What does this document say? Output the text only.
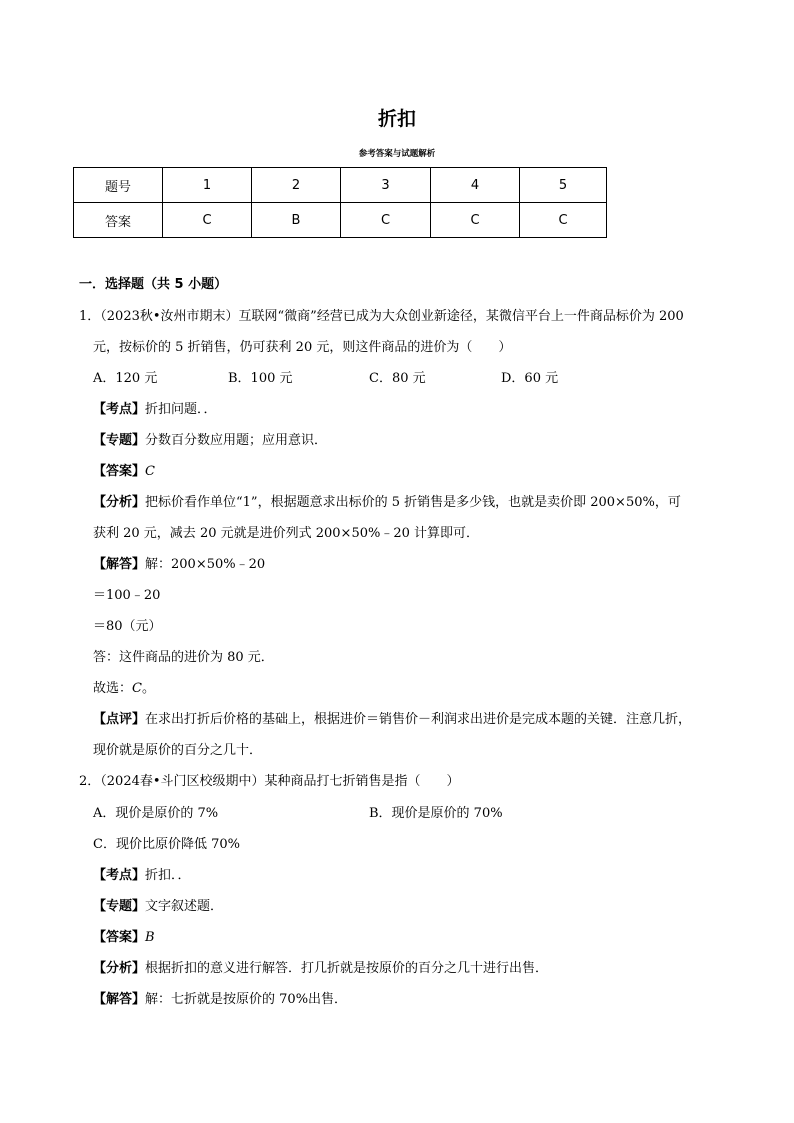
折扣
参考答案与试题解析
题号	1	2	3	4	5
答案	C	B	C	C	C
一．选择题（共 5 小题）
1．（2023秋•汝州市期末）互联网“微商”经营已成为大众创业新途径，某微信平台上一件商品标价为 200
元，按标价的 5 折销售，仍可获利 20 元，则这件商品的进价为（　　）
A．120 元	B．100 元	C．80 元	D．60 元
【考点】折扣问题．．
【专题】分数百分数应用题；应用意识．
【答案】C
【分析】把标价看作单位“1”，根据题意求出标价的 5 折销售是多少钱，也就是卖价即 200×50%，可
获利 20 元，减去 20 元就是进价列式 200×50%﹣20 计算即可．
【解答】解：200×50%﹣20
＝100﹣20
＝80（元）
答：这件商品的进价为 80 元．
故选：C。
【点评】在求出打折后价格的基础上，根据进价＝销售价－利润求出进价是完成本题的关键．注意几折，
现价就是原价的百分之几十．
2．（2024春•斗门区校级期中）某种商品打七折销售是指（　　）
A．现价是原价的 7%	B．现价是原价的 70%
C．现价比原价降低 70%
【考点】折扣．．
【专题】文字叙述题．
【答案】B
【分析】根据折扣的意义进行解答．打几折就是按原价的百分之几十进行出售．
【解答】解：七折就是按原价的 70%出售．
